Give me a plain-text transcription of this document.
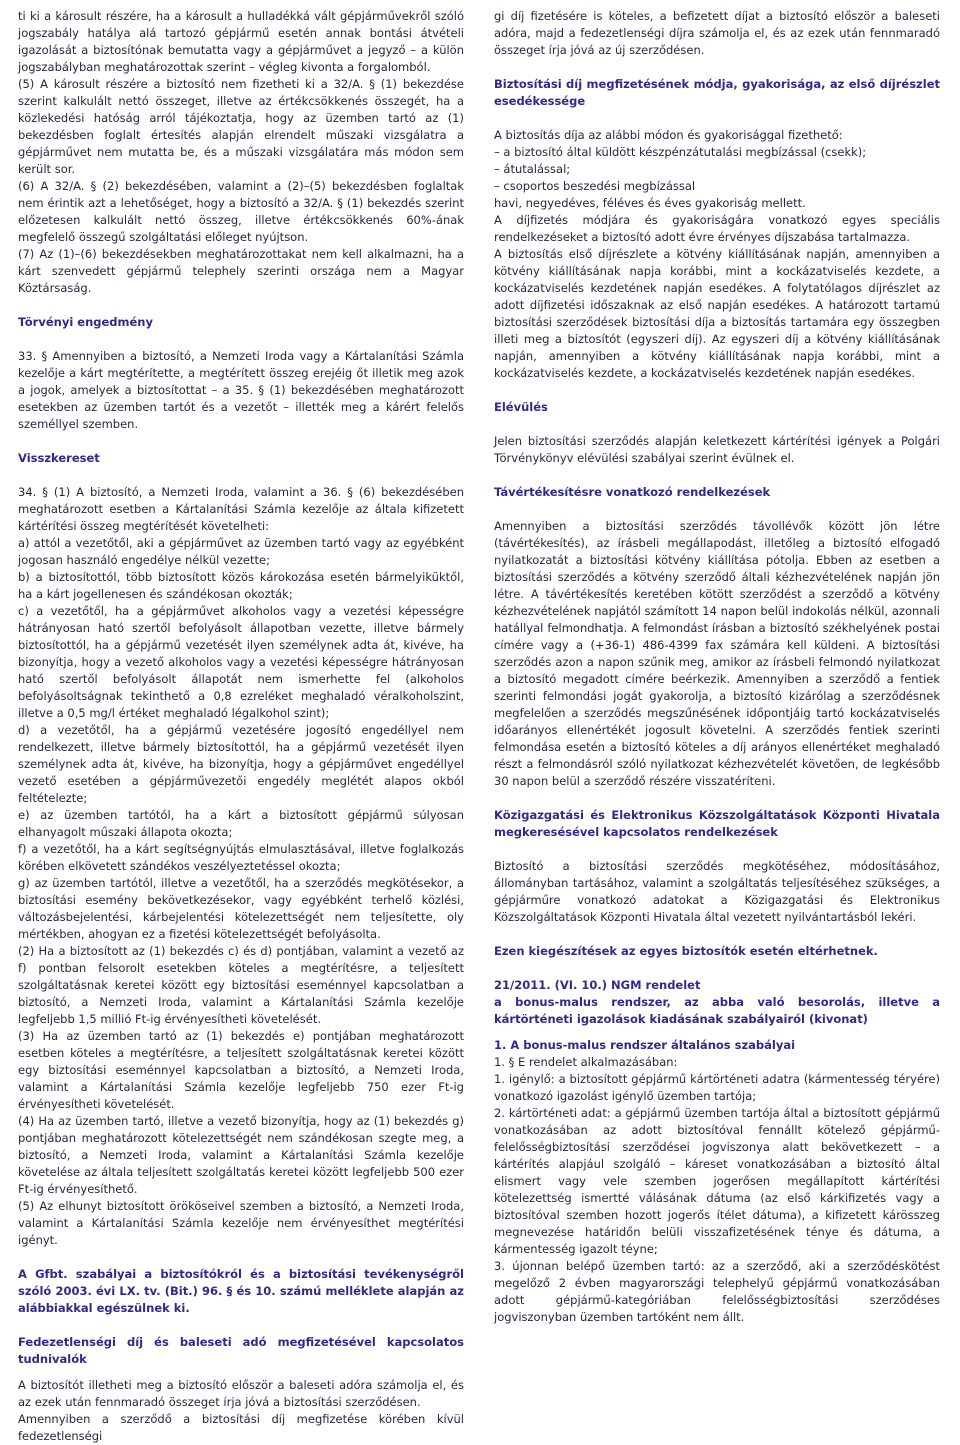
ti ki a károsult részére, ha a károsult a hulladékká vált gépjárművekről szóló jogszabály hatálya alá tartozó gépjármű esetén annak bontási átvételi igazolását a biztosítónak bemutatta vagy a gépjárművet a jegyző – a külön jogszabályban meghatározottak szerint – végleg kivonta a forgalomból.

(5) A károsult részére a biztosító nem fizetheti ki a 32/A. § (1) bekezdése szerint kalkulált nettó összeget, illetve az értékcsökkenés összegét, ha a közlekedési hatóság arról tájékoztatja, hogy az üzemben tartó az (1) bekezdésben foglalt értesítés alapján elrendelt műszaki vizsgálatra a gépjárművet nem mutatta be, és a műszaki vizsgálatára más módon sem került sor.

(6) A 32/A. § (2) bekezdésében, valamint a (2)–(5) bekezdésben foglaltak nem érintik azt a lehetőséget, hogy a biztosító a 32/A. § (1) bekezdés szerint előzetesen kalkulált nettó összeg, illetve értékcsökkenés 60%-ának megfelelő összegű szolgáltatási előleget nyújtson.

(7) Az (1)–(6) bekezdésekben meghatározottakat nem kell alkalmazni, ha a kárt szenvedett gépjármű telephely szerinti országa nem a Magyar Köztársaság.

Törvényi engedmény

33. § Amennyiben a biztosító, a Nemzeti Iroda vagy a Kártalanítási Számla kezelője a kárt megtérítette, a megtérített összeg erejéig őt illetik meg azok a jogok, amelyek a biztosítottat – a 35. § (1) bekezdésében meghatározott esetekben az üzemben tartót és a vezetőt – illették meg a kárért felelős személlyel szemben.

Visszkereset

34. § (1) A biztosító, a Nemzeti Iroda, valamint a 36. § (6) bekezdésében meghatározott esetben a Kártalanítási Számla kezelője az általa kifizetett kártérítési összeg megtérítését követelheti:

a) attól a vezetőtől, aki a gépjárművet az üzemben tartó vagy az egyébként jogosan használó engedélye nélkül vezette;

b) a biztosítottól, több biztosított közös károkozása esetén bármelyiküktől, ha a kárt jogellenesen és szándékosan okozták;

c) a vezetőtől, ha a gépjárművet alkoholos vagy a vezetési képességre hátrányosan ható szertől befolyásolt állapotban vezette, illetve bármely biztosítottól, ha a gépjármű vezetését ilyen személynek adta át, kivéve, ha bizonyítja, hogy a vezető alkoholos vagy a vezetési képességre hátrányosan ható szertől befolyásolt állapotát nem ismerhette fel (alkoholos befolyásoltságnak tekinthető a 0,8 ezreléket meghaladó véralkoholszint, illetve a 0,5 mg/l értéket meghaladó légalkohol szint);

d) a vezetőtől, ha a gépjármű vezetésére jogosító engedéllyel nem rendelkezett, illetve bármely biztosítottól, ha a gépjármű vezetését ilyen személynek adta át, kivéve, ha bizonyítja, hogy a gépjárművet engedéllyel vezető esetében a gépjárművezetői engedély meglétét alapos okból feltételezte;

e) az üzemben tartótól, ha a kárt a biztosított gépjármű súlyosan elhanyagolt műszaki állapota okozta;

f) a vezetőtől, ha a kárt segítségnyújtás elmulasztásával, illetve foglalkozás körében elkövetett szándékos veszélyeztetéssel okozta;

g) az üzemben tartótól, illetve a vezetőtől, ha a szerződés megkötésekor, a biztosítási esemény bekövetkezésekor, vagy egyébként terhelő közlési, változásbejelentési, kárbejelentési kötelezettségét nem teljesítette, oly mértékben, ahogyan ez a fizetési kötelezettségét befolyásolta.

(2) Ha a biztosított az (1) bekezdés c) és d) pontjában, valamint a vezető az f) pontban felsorolt esetekben köteles a megtérítésre, a teljesített szolgáltatásnak keretei között egy biztosítási eseménnyel kapcsolatban a biztosító, a Nemzeti Iroda, valamint a Kártalanítási Számla kezelője legfeljebb 1,5 millió Ft-ig érvényesítheti követelését.

(3) Ha az üzemben tartó az (1) bekezdés e) pontjában meghatározott esetben köteles a megtérítésre, a teljesített szolgáltatásnak keretei között egy biztosítási eseménnyel kapcsolatban a biztosító, a Nemzeti Iroda, valamint a Kártalanítási Számla kezelője legfeljebb 750 ezer Ft-ig érvényesítheti követelését.

(4) Ha az üzemben tartó, illetve a vezető bizonyítja, hogy az (1) bekezdés g) pontjában meghatározott kötelezettségét nem szándékosan szegte meg, a biztosító, a Nemzeti Iroda, valamint a Kártalanítási Számla kezelője követelése az általa teljesített szolgáltatás keretei között legfeljebb 500 ezer Ft-ig érvényesíthető.

(5) Az elhunyt biztosított örököseivel szemben a biztosító, a Nemzeti Iroda, valamint a Kártalanítási Számla kezelője nem érvényesíthet megtérítési igényt.

A Gfbt. szabályai a biztosítókról és a biztosítási tevékenységről szóló 2003. évi LX. tv. (Bit.) 96. § és 10. számú melléklete alapján az alábbiakkal egészülnek ki.

Fedezetlenségi díj és baleseti adó megfizetésével kapcsolatos tudnivalók

A biztosítót illetheti meg a biztosító először a baleseti adóra számolja el, és az ezek után fennmaradó összeget írja jóvá a biztosítási szerződésen.

Amennyiben a szerződő a biztosítási díj megfizetése körében kívül fedezetlenségi

gi díj fizetésére is köteles, a befizetett díjat a biztosító először a baleseti adóra, majd a fedezetlenségi díjra számolja el, és az ezek után fennmaradó összeget írja jóvá az új szerződésen.

Biztosítási díj megfizetésének módja, gyakorisága, az első díjrészlet esedékessége

A biztosítás díja az alábbi módon és gyakorisággal fizethető:

– a biztosító által küldött készpénzátutalási megbízással (csekk);

– átutalással;

– csoportos beszedési megbízással

havi, negyedéves, féléves és éves gyakoriság mellett.

A díjfizetés módjára és gyakoriságára vonatkozó egyes speciális rendelkezéseket a biztosító adott évre érvényes díjszabása tartalmazza.

A biztosítás első díjrészlete a kötvény kiállításának napján, amennyiben a kötvény kiállításának napja korábbi, mint a kockázatviselés kezdete, a kockázatviselés kezdetének napján esedékes. A folytatólagos díjrészlet az adott díjfizetési időszaknak az első napján esedékes. A határozott tartamú biztosítási szerződések biztosítási díja a biztosítás tartamára egy összegben illeti meg a biztosítót (egyszeri díj). Az egyszeri díj a kötvény kiállításának napján, amennyiben a kötvény kiállításának napja korábbi, mint a kockázatviselés kezdete, a kockázatviselés kezdetének napján esedékes.

Elévülés

Jelen biztosítási szerződés alapján keletkezett kártérítési igények a Polgári Törvénykönyv elévülési szabályai szerint évülnek el.

Távértékesítésre vonatkozó rendelkezések

Amennyiben a biztosítási szerződés távollévők között jön létre (távértékesítés), az írásbeli megállapodást, illetőleg a biztosító elfogadó nyilatkozatát a biztosítási kötvény kiállítása pótolja. Ebben az esetben a biztosítási szerződés a kötvény szerződő általi kézhezvételének napján jön létre. A távértékesítés keretében kötött szerződést a szerződő a kötvény kézhezvételének napjától számított 14 napon belül indokolás nélkül, azonnali hatállyal felmondhatja. A felmondást írásban a biztosító székhelyének postai címére vagy a (+36-1) 486-4399 fax számára kell küldeni. A biztosítási szerződés azon a napon szűnik meg, amikor az írásbeli felmondó nyilatkozat a biztosító megadott címére beérkezik. Amennyiben a szerződő a fentiek szerinti felmondási jogát gyakorolja, a biztosító kizárólag a szerződésnek megfelelően a szerződés megszűnésének időpontjáig tartó kockázatviselés időarányos ellenértékét jogosult követelni. A szerződés fentiek szerinti felmondása esetén a biztosító köteles a díj arányos ellenértéket meghaladó részt a felmondásról szóló nyilatkozat kézhezvételét követően, de legkésőbb 30 napon belül a szerződő részére visszatéríteni.

Közigazgatási és Elektronikus Közszolgáltatások Központi Hivatala megkeresésével kapcsolatos rendelkezések

Biztosító a biztosítási szerződés megkötéséhez, módosításához, állományban tartásához, valamint a szolgáltatás teljesítéséhez szükséges, a gépjárműre vonatkozó adatokat a Közigazgatási és Elektronikus Közszolgáltatások Központi Hivatala által vezetett nyilvántartásból lekéri.

Ezen kiegészítések az egyes biztosítók esetén eltérhetnek.

21/2011. (VI. 10.) NGM rendelet

a bonus-malus rendszer, az abba való besorolás, illetve a kártörténeti igazolások kiadásának szabályairól (kivonat)

1. A bonus-malus rendszer általános szabályai

1. § E rendelet alkalmazásában:

1. igénylő: a biztosított gépjármű kártörténeti adatra (kármentesség téryére) vonatkozó igazolást igénylő üzemben tartója;

2. kártörténeti adat: a gépjármű üzemben tartója által a biztosított gépjármű vonatkozásában az adott biztosítóval fennállt kötelező gépjármű-felelősségbiztosítási szerződései jogviszonya alatt bekövetkezett – a kártérítés alapjául szolgáló – káreset vonatkozásában a biztosító által elismert vagy vele szemben jogerősen megállapított kártérítési kötelezettség ismertté válásának dátuma (az első kárkifizetés vagy a biztosítóval szemben hozott jogerős ítélet dátuma), a kifizetett kárösszeg megnevezése határidőn belüli visszafizetésének ténye és dátuma, a kármentesség igazolt téyne;

3. újonnan belépő üzemben tartó: az a szerződő, aki a szerződéskötést megelőző 2 évben magyarországi telephelyű gépjármű vonatkozásában adott gépjármű-kategóriában felelősségbiztosítási szerződéses jogviszonyban üzemben tartóként nem állt.
